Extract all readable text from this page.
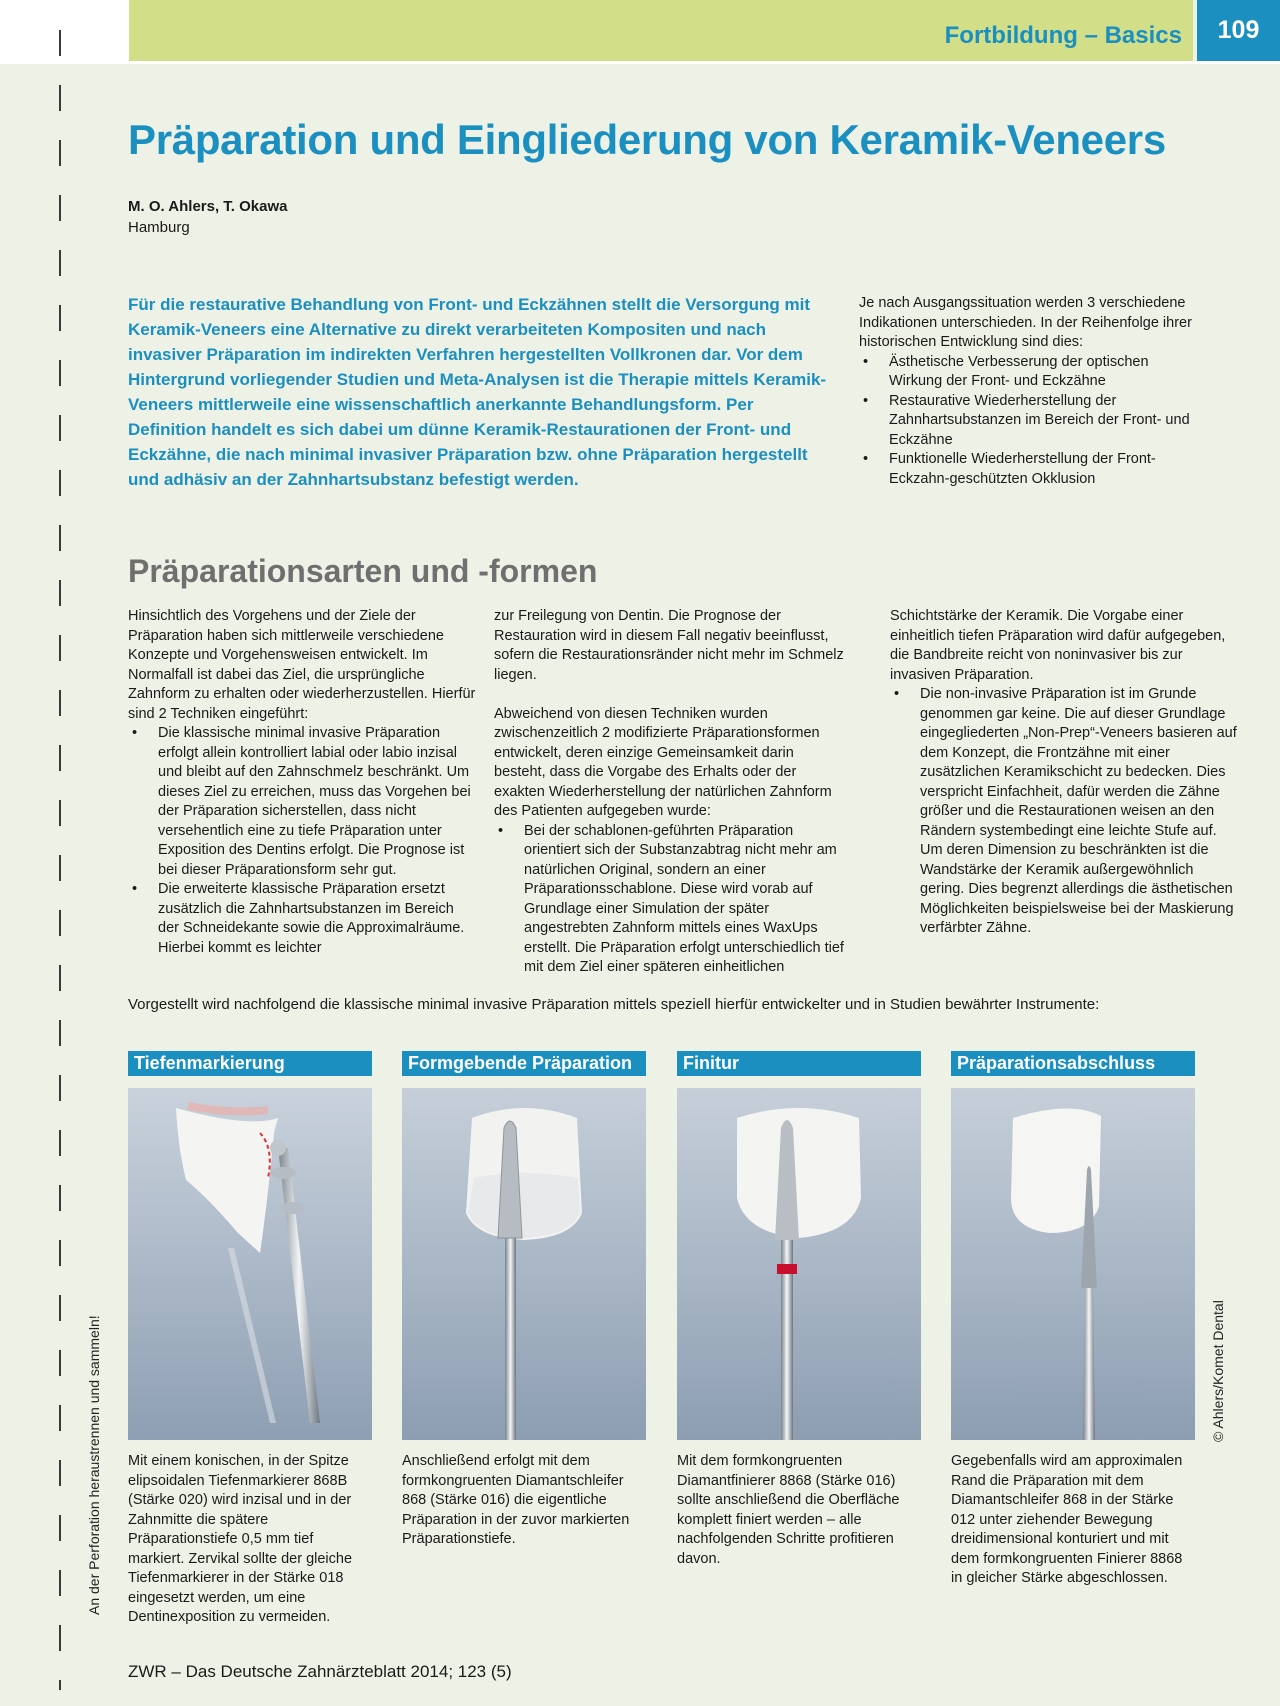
Fortbildung – Basics	109
An der Perforation heraustrennen und sammeln!	© Ahlers/Komet Dental
Präparation und Eingliederung von Keramik-Veneers
M. O. Ahlers, T. Okawa
Hamburg

Für die restaurative Behandlung von Front- und Eckzähnen stellt die Versorgung mit Keramik-Veneers eine Alternative zu direkt verarbeiteten Kompositen und nach invasiver Präparation im indirekten Verfahren hergestellten Vollkronen dar. Vor dem Hintergrund vorliegender Studien und Meta-Analysen ist die Therapie mittels Keramik-Veneers mittlerweile eine wissenschaftlich anerkannte Behandlungsform. Per Definition handelt es sich dabei um dünne Keramik-Restaurationen der Front- und Eckzähne, die nach minimal invasiver Präparation bzw. ohne Präparation hergestellt und adhäsiv an der Zahnhartsubstanz befestigt werden.

Je nach Ausgangssituation werden 3 verschiedene Indikationen unterschieden. In der Reihenfolge ihrer historischen Entwicklung sind dies:

• Ästhetische Verbesserung der optischen Wirkung der Front- und Eckzähne
• Restaurative Wiederherstellung der Zahnhartsubstanzen im Bereich der Front- und Eckzähne
• Funktionelle Wiederherstellung der Front-Eckzahn-geschützten Okklusion
Präparationsarten und -formen

Hinsichtlich des Vorgehens und der Ziele der Präparation haben sich mittlerweile verschiedene Konzepte und Vorgehensweisen entwickelt. Im Normalfall ist dabei das Ziel, die ursprüngliche Zahnform zu erhalten oder wiederherzustellen. Hierfür sind 2 Techniken eingeführt:

• Die klassische minimal invasive Präparation erfolgt allein kontrolliert labial oder labio inzisal und bleibt auf den Zahnschmelz beschränkt. Um dieses Ziel zu erreichen, muss das Vorgehen bei der Präparation sicherstellen, dass nicht versehentlich eine zu tiefe Präparation unter Exposition des Dentins erfolgt. Die Prognose ist bei dieser Präparationsform sehr gut.
• Die erweiterte klassische Präparation ersetzt zusätzlich die Zahnhartsubstanzen im Bereich der Schneidekante sowie die Approximalräume. Hierbei kommt es leichter

zur Freilegung von Dentin. Die Prognose der Restauration wird in diesem Fall negativ beeinflusst, sofern die Restaurationsränder nicht mehr im Schmelz liegen.

Abweichend von diesen Techniken wurden zwischenzeitlich 2 modifizierte Präparationsformen entwickelt, deren einzige Gemeinsamkeit darin besteht, dass die Vorgabe des Erhalts oder der exakten Wiederherstellung der natürlichen Zahnform des Patienten aufgegeben wurde:

• Bei der schablonen-geführten Präparation orientiert sich der Substanzabtrag nicht mehr am natürlichen Original, sondern an einer Präparationsschablone. Diese wird vorab auf Grundlage einer Simulation der später angestrebten Zahnform mittels eines WaxUps erstellt. Die Präparation erfolgt unterschiedlich tief mit dem Ziel einer späteren einheitlichen

Schichtstärke der Keramik. Die Vorgabe einer einheitlich tiefen Präparation wird dafür aufgegeben, die Bandbreite reicht von noninvasiver bis zur invasiven Präparation.

• Die non-invasive Präparation ist im Grunde genommen gar keine. Die auf dieser Grundlage eingegliederten „Non-Prep“-Veneers basieren auf dem Konzept, die Frontzähne mit einer zusätzlichen Keramikschicht zu bedecken. Dies verspricht Einfachheit, dafür werden die Zähne größer und die Restaurationen weisen an den Rändern systembedingt eine leichte Stufe auf. Um deren Dimension zu beschränkten ist die Wandstärke der Keramik außergewöhnlich gering. Dies begrenzt allerdings die ästhetischen Möglichkeiten beispielsweise bei der Maskierung verfärbter Zähne.
Vorgestellt wird nachfolgend die klassische minimal invasive Präparation mittels speziell hierfür entwickelter und in Studien bewährter Instrumente:
Tiefenmarkierung	Formgebende Präparation	Finitur	Präparationsabschluss

Mit einem konischen, in der Spitze elipsoidalen Tiefenmarkierer 868B (Stärke 020) wird inzisal und in der Zahnmitte die spätere Präparationstiefe 0,5 mm tief markiert. Zervikal sollte der gleiche Tiefenmarkierer in der Stärke 018 eingesetzt werden, um eine Dentinexposition zu vermeiden.

Anschließend erfolgt mit dem formkongruenten Diamantschleifer 868 (Stärke 016) die eigentliche Präparation in der zuvor markierten Präparationstiefe.

Mit dem formkongruenten Diamantfinierer 8868 (Stärke 016) sollte anschließend die Oberfläche komplett finiert werden – alle nachfolgenden Schritte profitieren davon.

Gegebenfalls wird am approximalen Rand die Präparation mit dem Diamantschleifer 868 in der Stärke 012 unter ziehender Bewegung dreidimensional konturiert und mit dem formkongruenten Finierer 8868 in gleicher Stärke abgeschlossen.

ZWR – Das Deutsche Zahnärzteblatt 2014; 123 (5)
